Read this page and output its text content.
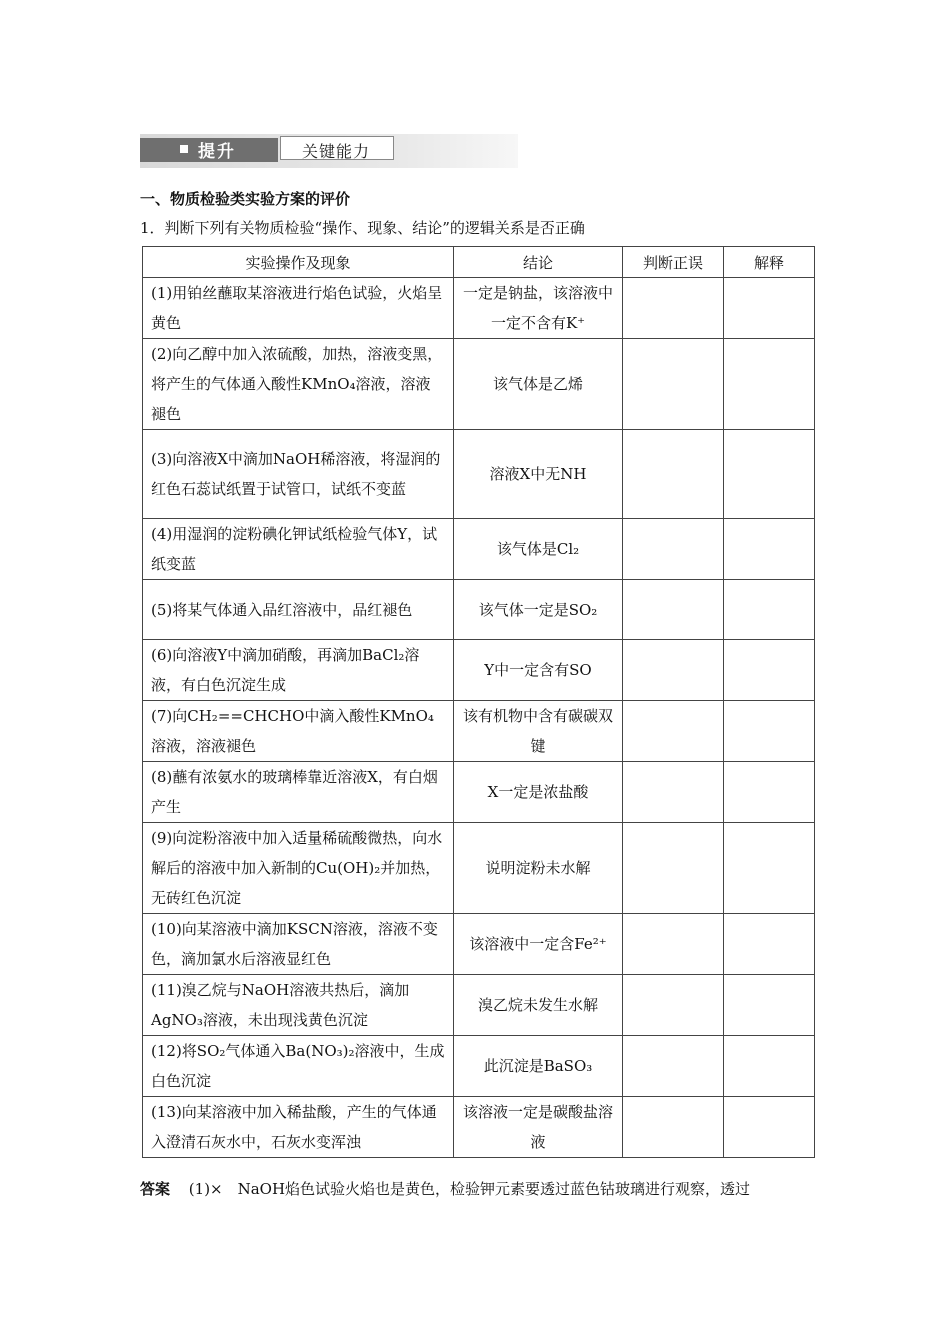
提升	关键能力
一、物质检验类实验方案的评价
1．判断下列有关物质检验“操作、现象、结论”的逻辑关系是否正确
实验操作及现象	结论	判断正误	解释
(1)用铂丝蘸取某溶液进行焰色试验，火焰呈黄色	一定是钠盐，该溶液中一定不含有K⁺		
(2)向乙醇中加入浓硫酸，加热，溶液变黑，将产生的气体通入酸性KMnO₄溶液，溶液褪色	该气体是乙烯		
(3)向溶液X中滴加NaOH稀溶液，将湿润的红色石蕊试纸置于试管口，试纸不变蓝	溶液X中无NH		
(4)用湿润的淀粉碘化钾试纸检验气体Y，试纸变蓝	该气体是Cl₂		
(5)将某气体通入品红溶液中，品红褪色	该气体一定是SO₂		
(6)向溶液Y中滴加硝酸，再滴加BaCl₂溶液，有白色沉淀生成	Y中一定含有SO		
(7)向CH₂==CHCHO中滴入酸性KMnO₄溶液，溶液褪色	该有机物中含有碳碳双键		
(8)蘸有浓氨水的玻璃棒靠近溶液X，有白烟产生	X一定是浓盐酸		
(9)向淀粉溶液中加入适量稀硫酸微热，向水解后的溶液中加入新制的Cu(OH)₂并加热，无砖红色沉淀	说明淀粉未水解		
(10)向某溶液中滴加KSCN溶液，溶液不变色，滴加氯水后溶液显红色	该溶液中一定含Fe²⁺		
(11)溴乙烷与NaOH溶液共热后，滴加AgNO₃溶液，未出现浅黄色沉淀	溴乙烷未发生水解		
(12)将SO₂气体通入Ba(NO₃)₂溶液中，生成白色沉淀	此沉淀是BaSO₃		
(13)向某溶液中加入稀盐酸，产生的气体通入澄清石灰水中，石灰水变浑浊	该溶液一定是碳酸盐溶液		
答案 (1)×　NaOH焰色试验火焰也是黄色，检验钾元素要透过蓝色钴玻璃进行观察，透过
